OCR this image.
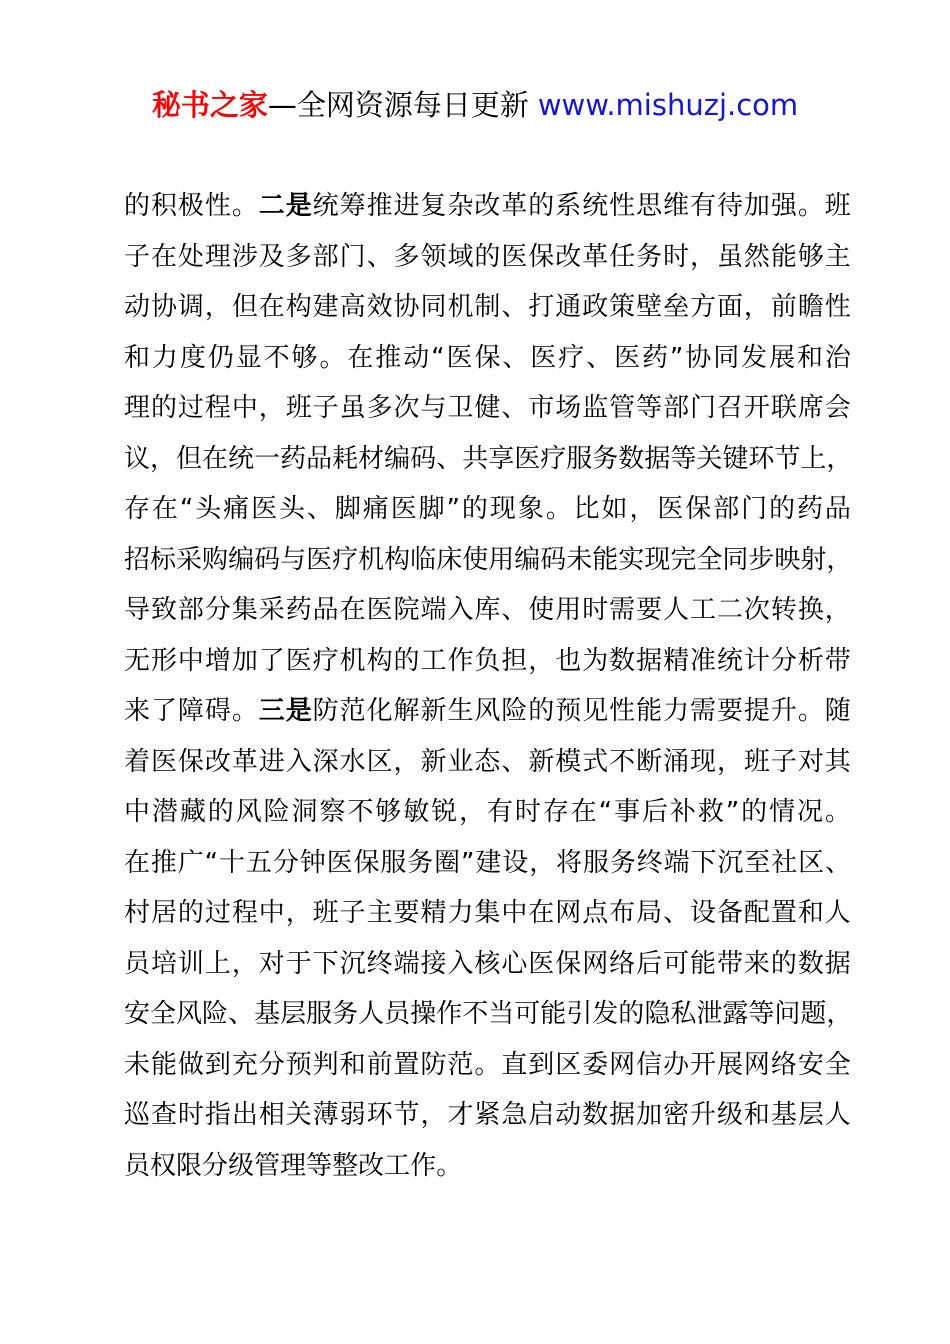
秘书之家—全网资源每日更新 www.mishuzj.com
的 积 极 性 。 二 是 统 筹 推 进 复 杂 改 革 的 系 统 性 思 维 有 待 加 强 。 班
子 在 处 理 涉 及 多 部 门 、 多 领 域 的 医 保 改 革 任 务 时 ， 虽 然 能 够 主
动 协 调 ， 但 在 构 建 高 效 协 同 机 制 、 打 通 政 策 壁 垒 方 面 ， 前 瞻 性
和 力 度 仍 显 不 够 。 在 推 动 “ 医 保 、 医 疗 、 医 药 ” 协 同 发 展 和 治
理 的 过 程 中 ， 班 子 虽 多 次 与 卫 健 、 市 场 监 管 等 部 门 召 开 联 席 会
议 ， 但 在 统 一 药 品 耗 材 编 码 、 共 享 医 疗 服 务 数 据 等 关 键 环 节 上 ，
存 在 “ 头 痛 医 头 、 脚 痛 医 脚 ” 的 现 象 。 比 如 ， 医 保 部 门 的 药 品
招 标 采 购 编 码 与 医 疗 机 构 临 床 使 用 编 码 未 能 实 现 完 全 同 步 映 射 ，
导 致 部 分 集 采 药 品 在 医 院 端 入 库 、 使 用 时 需 要 人 工 二 次 转 换 ，
无 形 中 增 加 了 医 疗 机 构 的 工 作 负 担 ， 也 为 数 据 精 准 统 计 分 析 带
来 了 障 碍 。 三 是 防 范 化 解 新 生 风 险 的 预 见 性 能 力 需 要 提 升 。 随
着 医 保 改 革 进 入 深 水 区 ， 新 业 态 、 新 模 式 不 断 涌 现 ， 班 子 对 其
中 潜 藏 的 风 险 洞 察 不 够 敏 锐 ， 有 时 存 在 “ 事 后 补 救 ” 的 情 况 。
在 推 广 “ 十 五 分 钟 医 保 服 务 圈 ” 建 设 ， 将 服 务 终 端 下 沉 至 社 区 、
村 居 的 过 程 中 ， 班 子 主 要 精 力 集 中 在 网 点 布 局 、 设 备 配 置 和 人
员 培 训 上 ， 对 于 下 沉 终 端 接 入 核 心 医 保 网 络 后 可 能 带 来 的 数 据
安 全 风 险 、 基 层 服 务 人 员 操 作 不 当 可 能 引 发 的 隐 私 泄 露 等 问 题 ，
未 能 做 到 充 分 预 判 和 前 置 防 范 。 直 到 区 委 网 信 办 开 展 网 络 安 全
巡 查 时 指 出 相 关 薄 弱 环 节 ， 才 紧 急 启 动 数 据 加 密 升 级 和 基 层 人
员 权 限 分 级 管 理 等 整 改 工 作 。
